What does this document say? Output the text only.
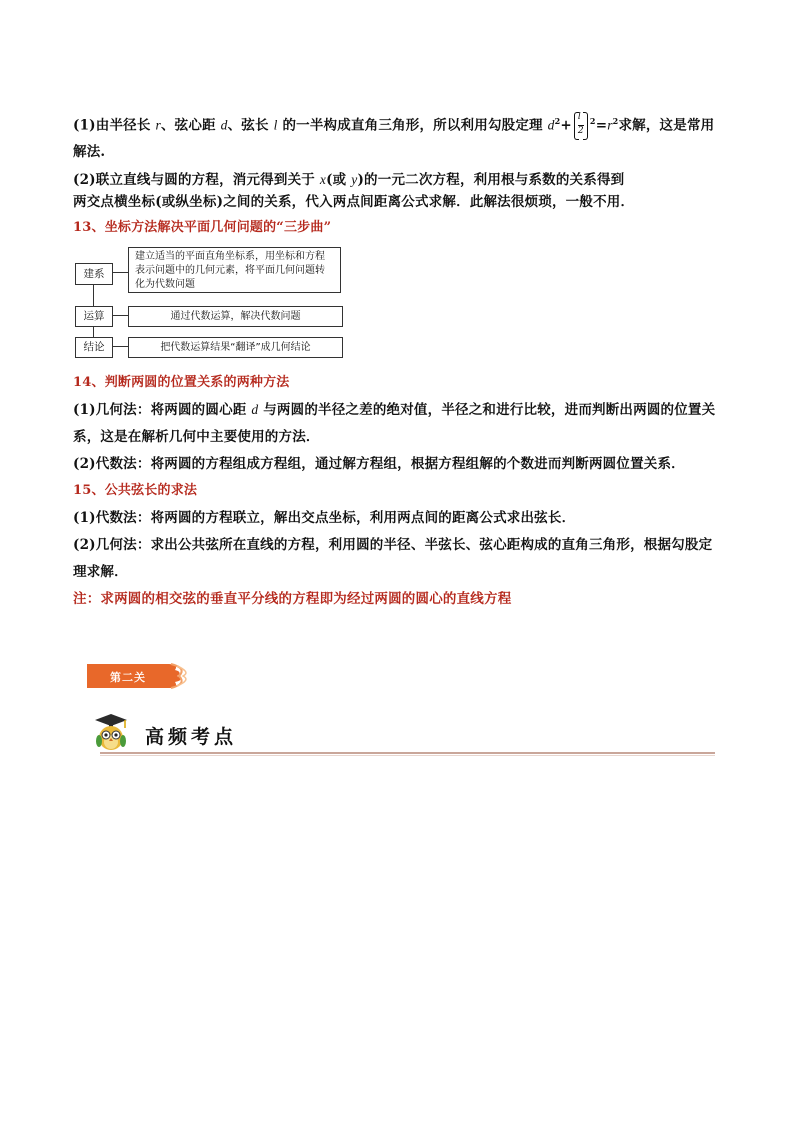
(1)由半径长 r、弦心距 d、弦长 l 的一半构成直角三角形，所以利用勾股定理 $d^2+ \frac{l}{2} ^2=r^2$求解，这是常用
解法.
(2)联立直线与圆的方程，消元得到关于 x(或 y)的一元二次方程，利用根与系数的关系得到
两交点横坐标(或纵坐标)之间的关系，代入两点间距离公式求解．此解法很烦琐，一般不用．
13、坐标方法解决平面几何问题的“三步曲”
建系
建立适当的平面直角坐标系，用坐标和方程
表示问题中的几何元素，将平面几何问题转
化为代数问题
运算	通过代数运算，解决代数问题
结论	把代数运算结果“翻译”成几何结论
14、判断两圆的位置关系的两种方法
(1)几何法：将两圆的圆心距 d 与两圆的半径之差的绝对值，半径之和进行比较，进而判断出两圆的位置关
系，这是在解析几何中主要使用的方法．
(2)代数法：将两圆的方程组成方程组，通过解方程组，根据方程组解的个数进而判断两圆位置关系．
15、公共弦长的求法
(1)代数法：将两圆的方程联立，解出交点坐标，利用两点间的距离公式求出弦长．
(2)几何法：求出公共弦所在直线的方程，利用圆的半径、半弦长、弦心距构成的直角三角形，根据勾股定
理求解．
注：求两圆的相交弦的垂直平分线的方程即为经过两圆的圆心的直线方程
第二关
高频考点
